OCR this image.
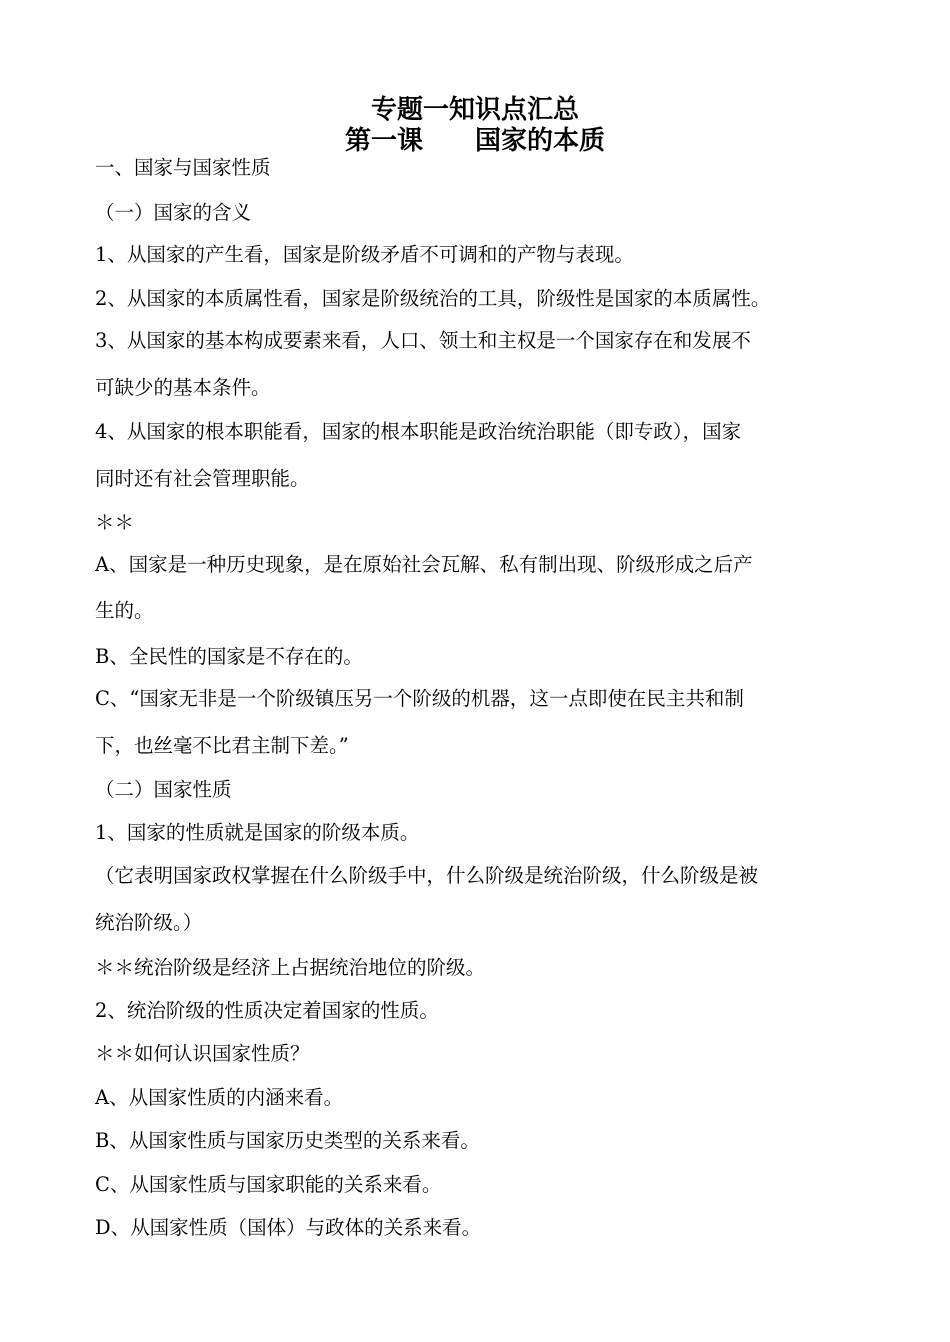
专题一知识点汇总
第一课　　国家的本质
一、国家与国家性质
（一）国家的含义
1、从国家的产生看，国家是阶级矛盾不可调和的产物与表现。
2、从国家的本质属性看，国家是阶级统治的工具，阶级性是国家的本质属性。
3、从国家的基本构成要素来看，人口、领土和主权是一个国家存在和发展不
可缺少的基本条件。
4、从国家的根本职能看，国家的根本职能是政治统治职能（即专政），国家
同时还有社会管理职能。
＊＊
A、国家是一种历史现象，是在原始社会瓦解、私有制出现、阶级形成之后产
生的。
B、全民性的国家是不存在的。
C、“国家无非是一个阶级镇压另一个阶级的机器，这一点即使在民主共和制
下，也丝毫不比君主制下差。”
（二）国家性质
1、国家的性质就是国家的阶级本质。
（它表明国家政权掌握在什么阶级手中，什么阶级是统治阶级，什么阶级是被
统治阶级。）
＊＊统治阶级是经济上占据统治地位的阶级。
2、统治阶级的性质决定着国家的性质。
＊＊如何认识国家性质？
A、从国家性质的内涵来看。
B、从国家性质与国家历史类型的关系来看。
C、从国家性质与国家职能的关系来看。
D、从国家性质（国体）与政体的关系来看。
